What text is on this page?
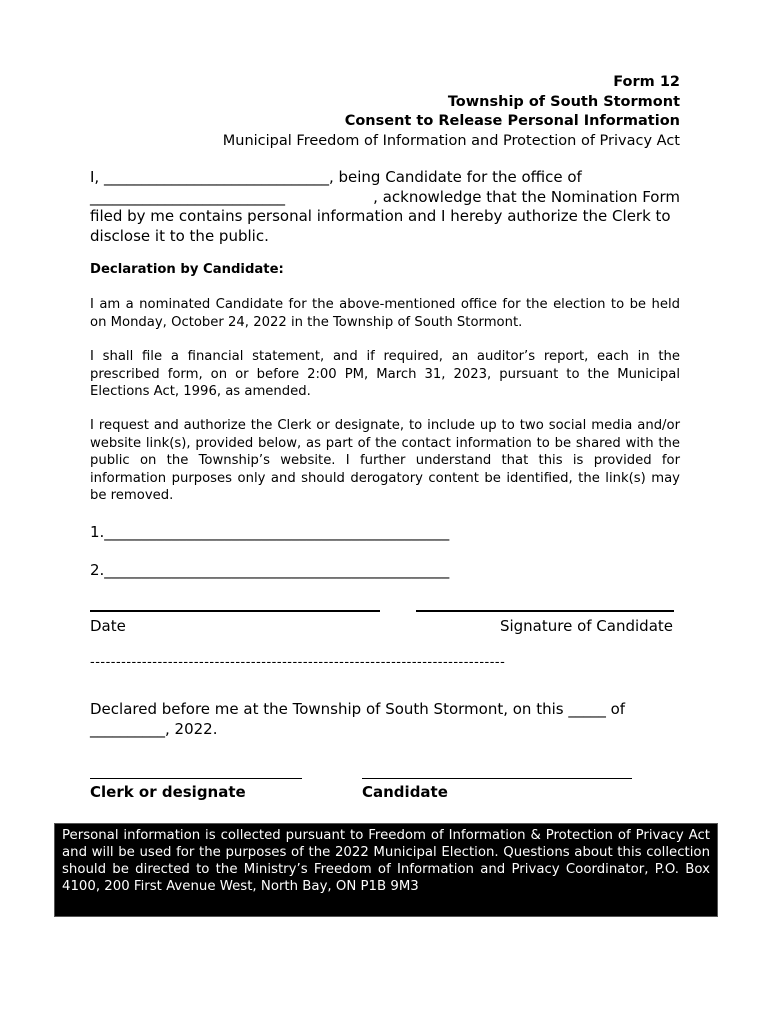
Form 12
Township of South Stormont
Consent to Release Personal Information
Municipal Freedom of Information and Protection of Privacy Act
I, ______________________________, being Candidate for the office of
__________________________	, acknowledge that the Nomination Form
filed by me contains personal information and I hereby authorize the Clerk to
disclose it to the public.
Declaration by Candidate:
I am a nominated Candidate for the above-mentioned office for the election to be held on Monday, October 24, 2022 in the Township of South Stormont.
I shall file a financial statement, and if required, an auditor’s report, each in the prescribed form, on or before 2:00 PM, March 31, 2023, pursuant to the Municipal Elections Act, 1996, as amended.
I request and authorize the Clerk or designate, to include up to two social media and/or website link(s), provided below, as part of the contact information to be shared with the public on the Township’s website. I further understand that this is provided for information purposes only and should derogatory content be identified, the link(s) may be removed.
1.______________________________________________
2.______________________________________________
Date	Signature of Candidate
--------------------------------------------------------------------------------
Declared before me at the Township of South Stormont, on this _____ of
__________, 2022.
Clerk or designate	Candidate
Personal information is collected pursuant to Freedom of Information & Protection of Privacy Act and will be used for the purposes of the 2022 Municipal Election. Questions about this collection should be directed to the Ministry’s Freedom of Information and Privacy Coordinator, P.O. Box 4100, 200 First Avenue West, North Bay, ON P1B 9M3
